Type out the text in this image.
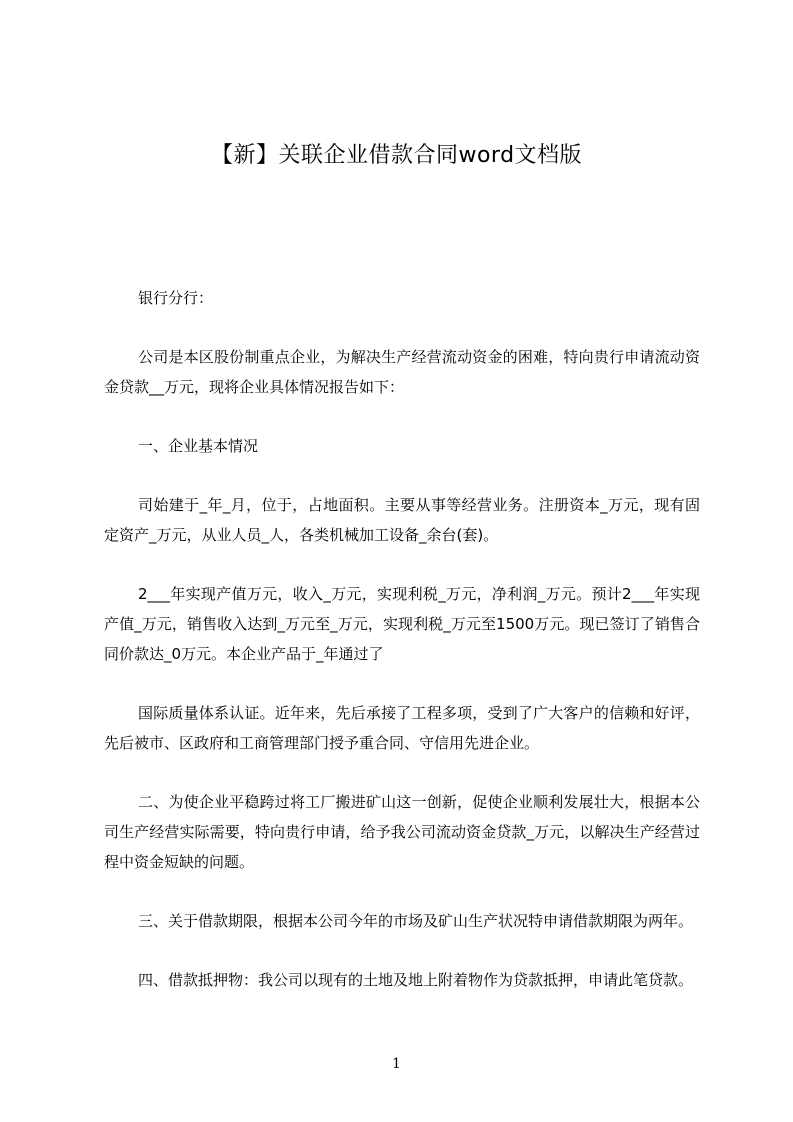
【新】关联企业借款合同word文档版

银行分行：

公司是本区股份制重点企业，为解决生产经营流动资金的困难，特向贵行申请流动资金贷款__万元，现将企业具体情况报告如下：

一、企业基本情况

司始建于_年_月，位于，占地面积。主要从事等经营业务。注册资本_万元，现有固定资产_万元，从业人员_人，各类机械加工设备_余台(套)。

2___年实现产值万元，收入_万元，实现利税_万元，净利润_万元。预计2___年实现产值_万元，销售收入达到_万元至_万元，实现利税_万元至1500万元。现已签订了销售合同价款达_0万元。本企业产品于_年通过了

国际质量体系认证。近年来，先后承接了工程多项，受到了广大客户的信赖和好评，先后被市、区政府和工商管理部门授予重合同、守信用先进企业。

二、为使企业平稳跨过将工厂搬进矿山这一创新，促使企业顺利发展壮大，根据本公司生产经营实际需要，特向贵行申请，给予我公司流动资金贷款_万元，以解决生产经营过程中资金短缺的问题。

三、关于借款期限，根据本公司今年的市场及矿山生产状况特申请借款期限为两年。

四、借款抵押物：我公司以现有的土地及地上附着物作为贷款抵押，申请此笔贷款。

1
